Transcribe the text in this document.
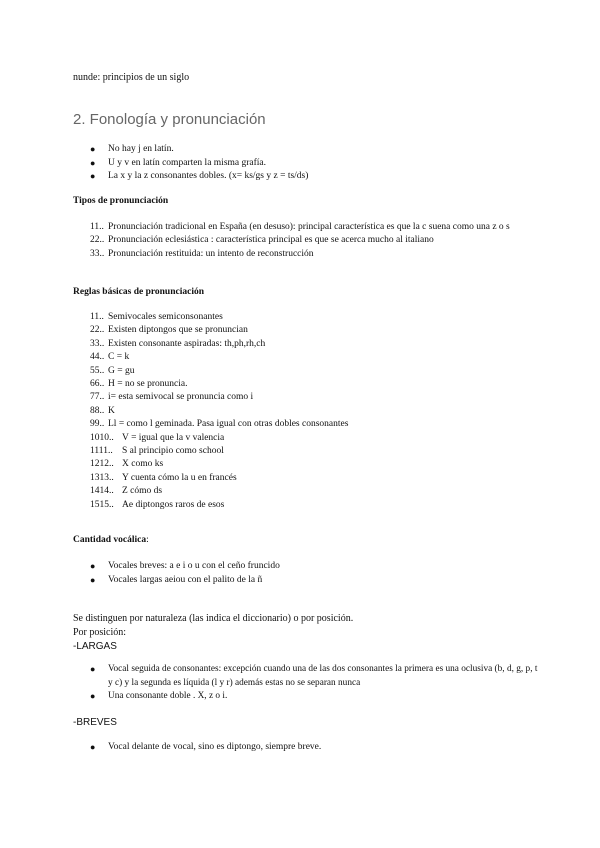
nunde: principios de un siglo
2. Fonología y pronunciación
● No hay j en latín.
● U y v en latín comparten la misma grafía.
● La x y la z consonantes dobles. (x= ks/gs y z = ts/ds)
Tipos de pronunciación
11.. Pronunciación tradicional en España (en desuso): principal característica es que la c suena como una z o s
22.. Pronunciación eclesiástica : característica principal es que se acerca mucho al italiano
33.. Pronunciación restituida: un intento de reconstrucción
Reglas básicas de pronunciación
11.. Semivocales semiconsonantes
22.. Existen diptongos que se pronuncian
33.. Existen consonante aspiradas: th,ph,rh,ch
44.. C = k
55.. G = gu
66.. H = no se pronuncia.
77.. i= esta semivocal se pronuncia como i
88.. K
99.. Ll = como l geminada. Pasa igual con otras dobles consonantes
1010.. V = igual que la v valencia
1111.. S al principio como school
1212.. X como ks
1313.. Y cuenta cómo la u en francés
1414.. Z cómo ds
1515.. Ae diptongos raros de esos
Cantidad vocálica:
● Vocales breves: a e i o u con el ceño fruncido
● Vocales largas aeiou con el palito de la ñ
Se distinguen por naturaleza (las indica el diccionario) o por posición.
Por posición:
-LARGAS
● Vocal seguida de consonantes: excepción cuando una de las dos consonantes la primera es una oclusiva (b, d, g, p, t y c) y la segunda es líquida (l y r) además estas no se separan nunca
● Una consonante doble . X, z o i.
-BREVES
● Vocal delante de vocal, sino es diptongo, siempre breve.
